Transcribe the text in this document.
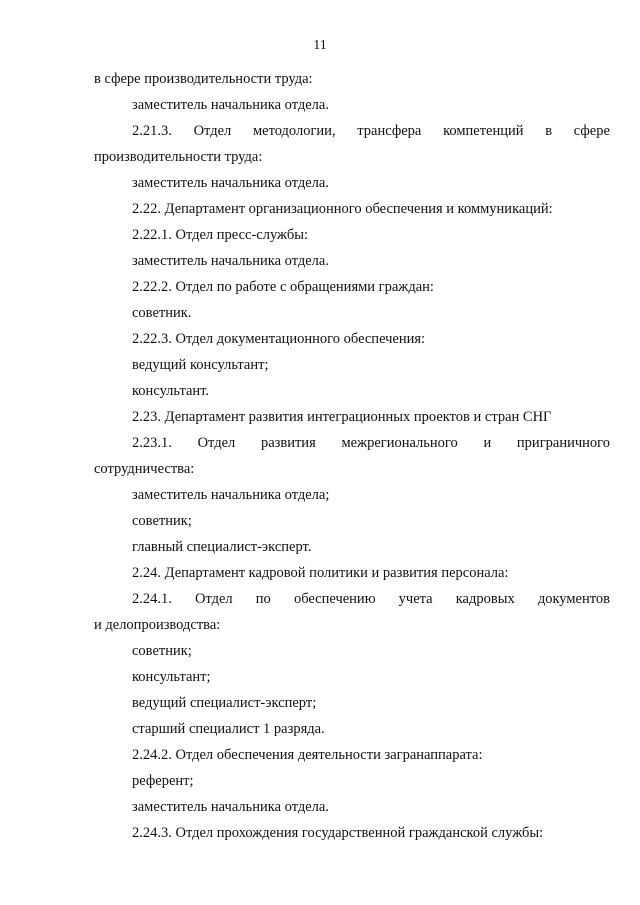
11
в сфере производительности труда:
заместитель начальника отдела.
2.21.3. Отдел методологии, трансфера компетенций в сфере
производительности труда:
заместитель начальника отдела.
2.22. Департамент организационного обеспечения и коммуникаций:
2.22.1. Отдел пресс-службы:
заместитель начальника отдела.
2.22.2. Отдел по работе с обращениями граждан:
советник.
2.22.3. Отдел документационного обеспечения:
ведущий консультант;
консультант.
2.23. Департамент развития интеграционных проектов и стран СНГ
2.23.1. Отдел развития межрегионального и приграничного
сотрудничества:
заместитель начальника отдела;
советник;
главный специалист-эксперт.
2.24. Департамент кадровой политики и развития персонала:
2.24.1. Отдел по обеспечению учета кадровых документов
и делопроизводства:
советник;
консультант;
ведущий специалист-эксперт;
старший специалист 1 разряда.
2.24.2. Отдел обеспечения деятельности загранаппарата:
референт;
заместитель начальника отдела.
2.24.3. Отдел прохождения государственной гражданской службы:
